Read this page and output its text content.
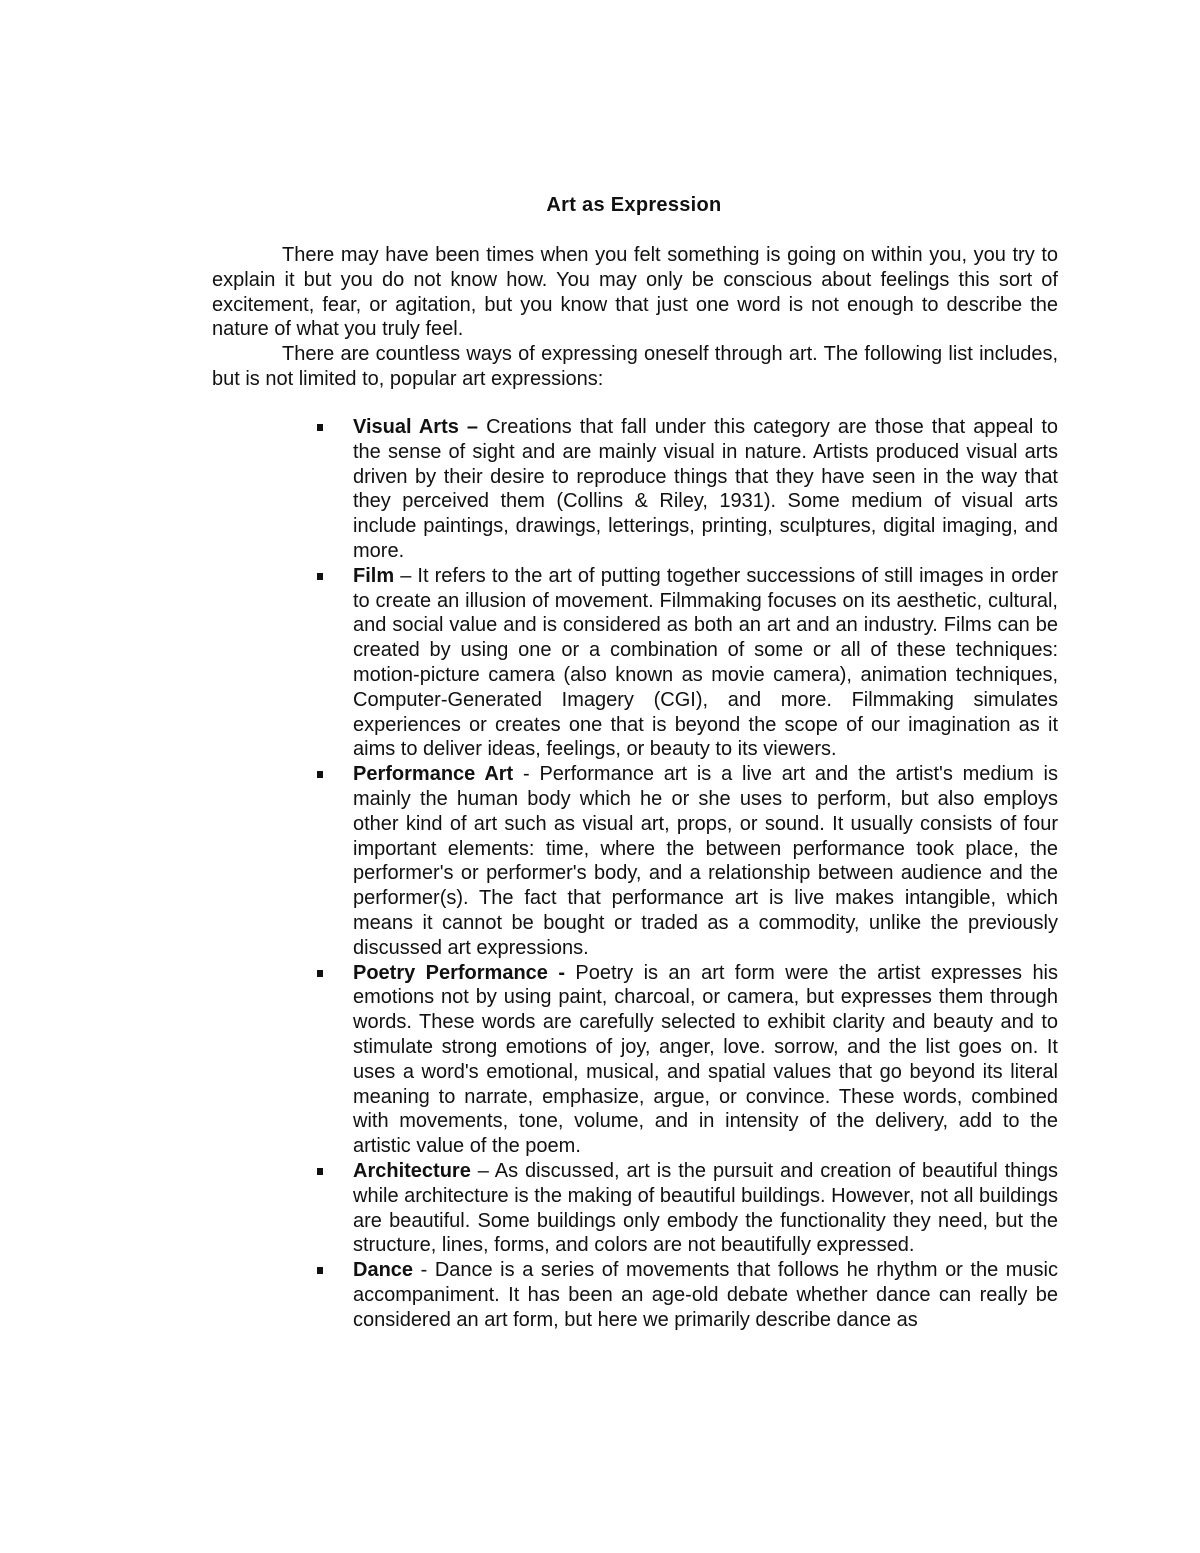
Art as Expression

There may have been times when you felt something is going on within you, you try to explain it but you do not know how. You may only be conscious about feelings this sort of excitement, fear, or agitation, but you know that just one word is not enough to describe the nature of what you truly feel.

There are countless ways of expressing oneself through art. The following list includes, but is not limited to, popular art expressions:

Visual Arts – Creations that fall under this category are those that appeal to the sense of sight and are mainly visual in nature. Artists produced visual arts driven by their desire to reproduce things that they have seen in the way that they perceived them (Collins & Riley, 1931). Some medium of visual arts include paintings, drawings, letterings, printing, sculptures, digital imaging, and more.
Film – It refers to the art of putting together successions of still images in order to create an illusion of movement. Filmmaking focuses on its aesthetic, cultural, and social value and is considered as both an art and an industry. Films can be created by using one or a combination of some or all of these techniques: motion-picture camera (also known as movie camera), animation techniques, Computer-Generated Imagery (CGI), and more. Filmmaking simulates experiences or creates one that is beyond the scope of our imagination as it aims to deliver ideas, feelings, or beauty to its viewers.
Performance Art - Performance art is a live art and the artist's medium is mainly the human body which he or she uses to perform, but also employs other kind of art such as visual art, props, or sound. It usually consists of four important elements: time, where the between performance took place, the performer's or performer's body, and a relationship between audience and the performer(s). The fact that performance art is live makes intangible, which means it cannot be bought or traded as a commodity, unlike the previously discussed art expressions.
Poetry Performance - Poetry is an art form were the artist expresses his emotions not by using paint, charcoal, or camera, but expresses them through words. These words are carefully selected to exhibit clarity and beauty and to stimulate strong emotions of joy, anger, love. sorrow, and the list goes on. It uses a word's emotional, musical, and spatial values that go beyond its literal meaning to narrate, emphasize, argue, or convince. These words, combined with movements, tone, volume, and in intensity of the delivery, add to the artistic value of the poem.
Architecture – As discussed, art is the pursuit and creation of beautiful things while architecture is the making of beautiful buildings. However, not all buildings are beautiful. Some buildings only embody the functionality they need, but the structure, lines, forms, and colors are not beautifully expressed.
Dance - Dance is a series of movements that follows he rhythm or the music accompaniment. It has been an age-old debate whether dance can really be considered an art form, but here we primarily describe dance as
